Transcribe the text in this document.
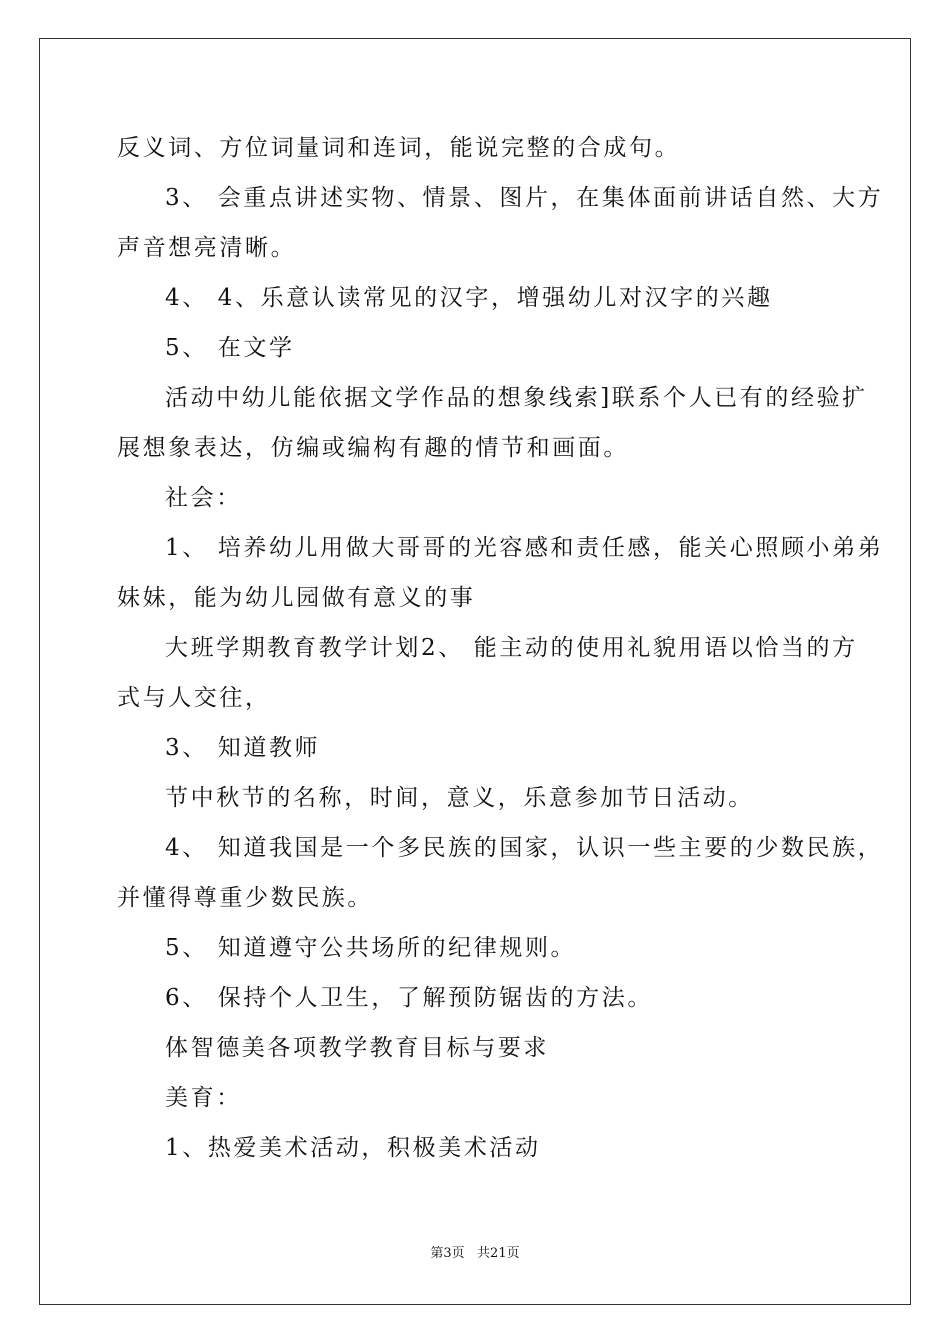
反义词、方位词量词和连词，能说完整的合成句。
3、 会重点讲述实物、情景、图片，在集体面前讲话自然、大方
声音想亮清晰。
4、 4、乐意认读常见的汉字，增强幼儿对汉字的兴趣
5、 在文学
活动中幼儿能依据文学作品的想象线索]联系个人已有的经验扩
展想象表达，仿编或编构有趣的情节和画面。
社会：
1、 培养幼儿用做大哥哥的光容感和责任感，能关心照顾小弟弟
妹妹，能为幼儿园做有意义的事
大班学期教育教学计划2、 能主动的使用礼貌用语以恰当的方
式与人交往，
3、 知道教师
节中秋节的名称，时间，意义，乐意参加节日活动。
4、 知道我国是一个多民族的国家，认识一些主要的少数民族，
并懂得尊重少数民族。
5、 知道遵守公共场所的纪律规则。
6、 保持个人卫生，了解预防锯齿的方法。
体智德美各项教学教育目标与要求
美育：
1、热爱美术活动，积极美术活动
第3页   共21页
